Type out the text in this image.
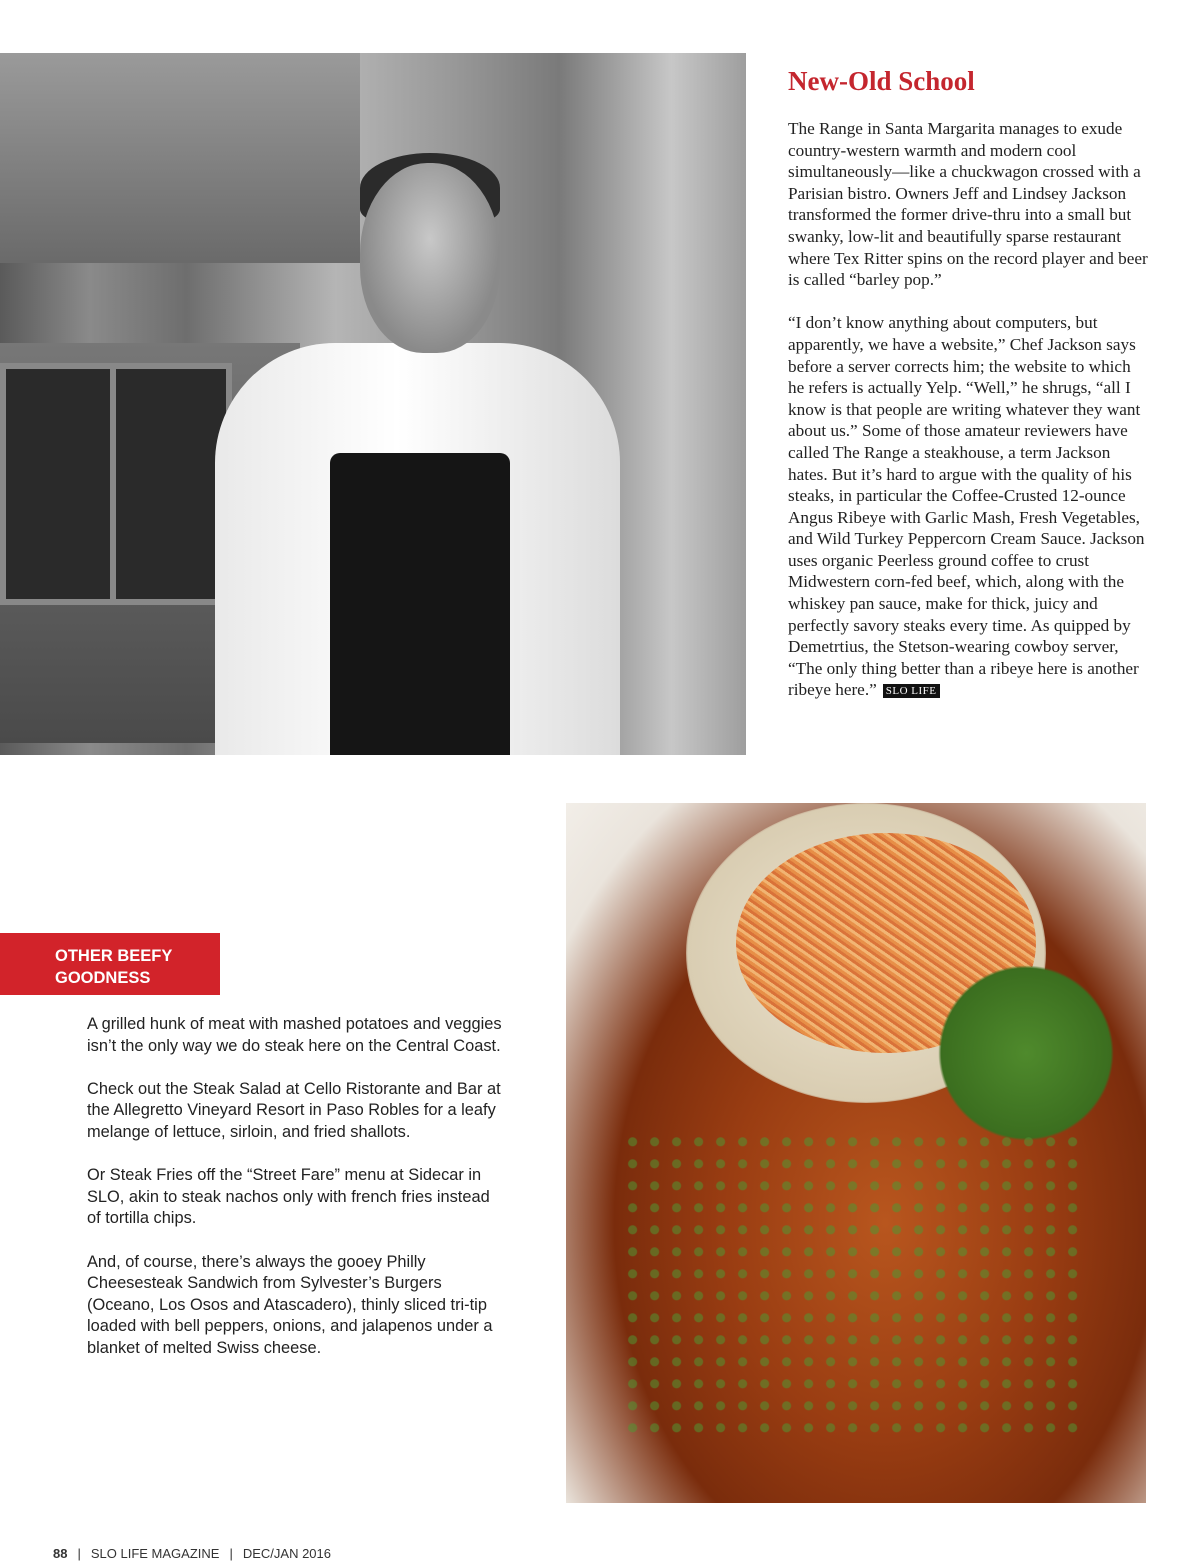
New-Old School

The Range in Santa Margarita manages to exude country-western warmth and modern cool simultaneously—like a chuckwagon crossed with a Parisian bistro. Owners Jeff and Lindsey Jackson transformed the former drive-thru into a small but swanky, low-lit and beautifully sparse restaurant where Tex Ritter spins on the record player and beer is called “barley pop.”

“I don’t know anything about computers, but apparently, we have a website,” Chef Jackson says before a server corrects him; the website to which he refers is actually Yelp. “Well,” he shrugs, “all I know is that people are writing whatever they want about us.” Some of those amateur reviewers have called The Range a steakhouse, a term Jackson hates. But it’s hard to argue with the quality of his steaks, in particular the Coffee-Crusted 12-ounce Angus Ribeye with Garlic Mash, Fresh Vegetables, and Wild Turkey Peppercorn Cream Sauce. Jackson uses organic Peerless ground coffee to crust Midwestern corn-fed beef, which, along with the whiskey pan sauce, make for thick, juicy and perfectly savory steaks every time. As quipped by Demetrtius, the Stetson-wearing cowboy server, “The only thing better than a ribeye here is another ribeye here.” SLO LIFE

OTHER BEEFY
GOODNESS

A grilled hunk of meat with mashed potatoes and veggies isn’t the only way we do steak here on the Central Coast.

Check out the Steak Salad at Cello Ristorante and Bar at the Allegretto Vineyard Resort in Paso Robles for a leafy melange of lettuce, sirloin, and fried shallots.

Or Steak Fries off the “Street Fare” menu at Sidecar in SLO, akin to steak nachos only with french fries instead of tortilla chips.

And, of course, there’s always the gooey Philly Cheesesteak Sandwich from Sylvester’s Burgers (Oceano, Los Osos and Atascadero), thinly sliced tri-tip loaded with bell peppers, onions, and jalapenos under a blanket of melted Swiss cheese.

88 | SLO LIFE MAGAZINE | DEC/JAN 2016
